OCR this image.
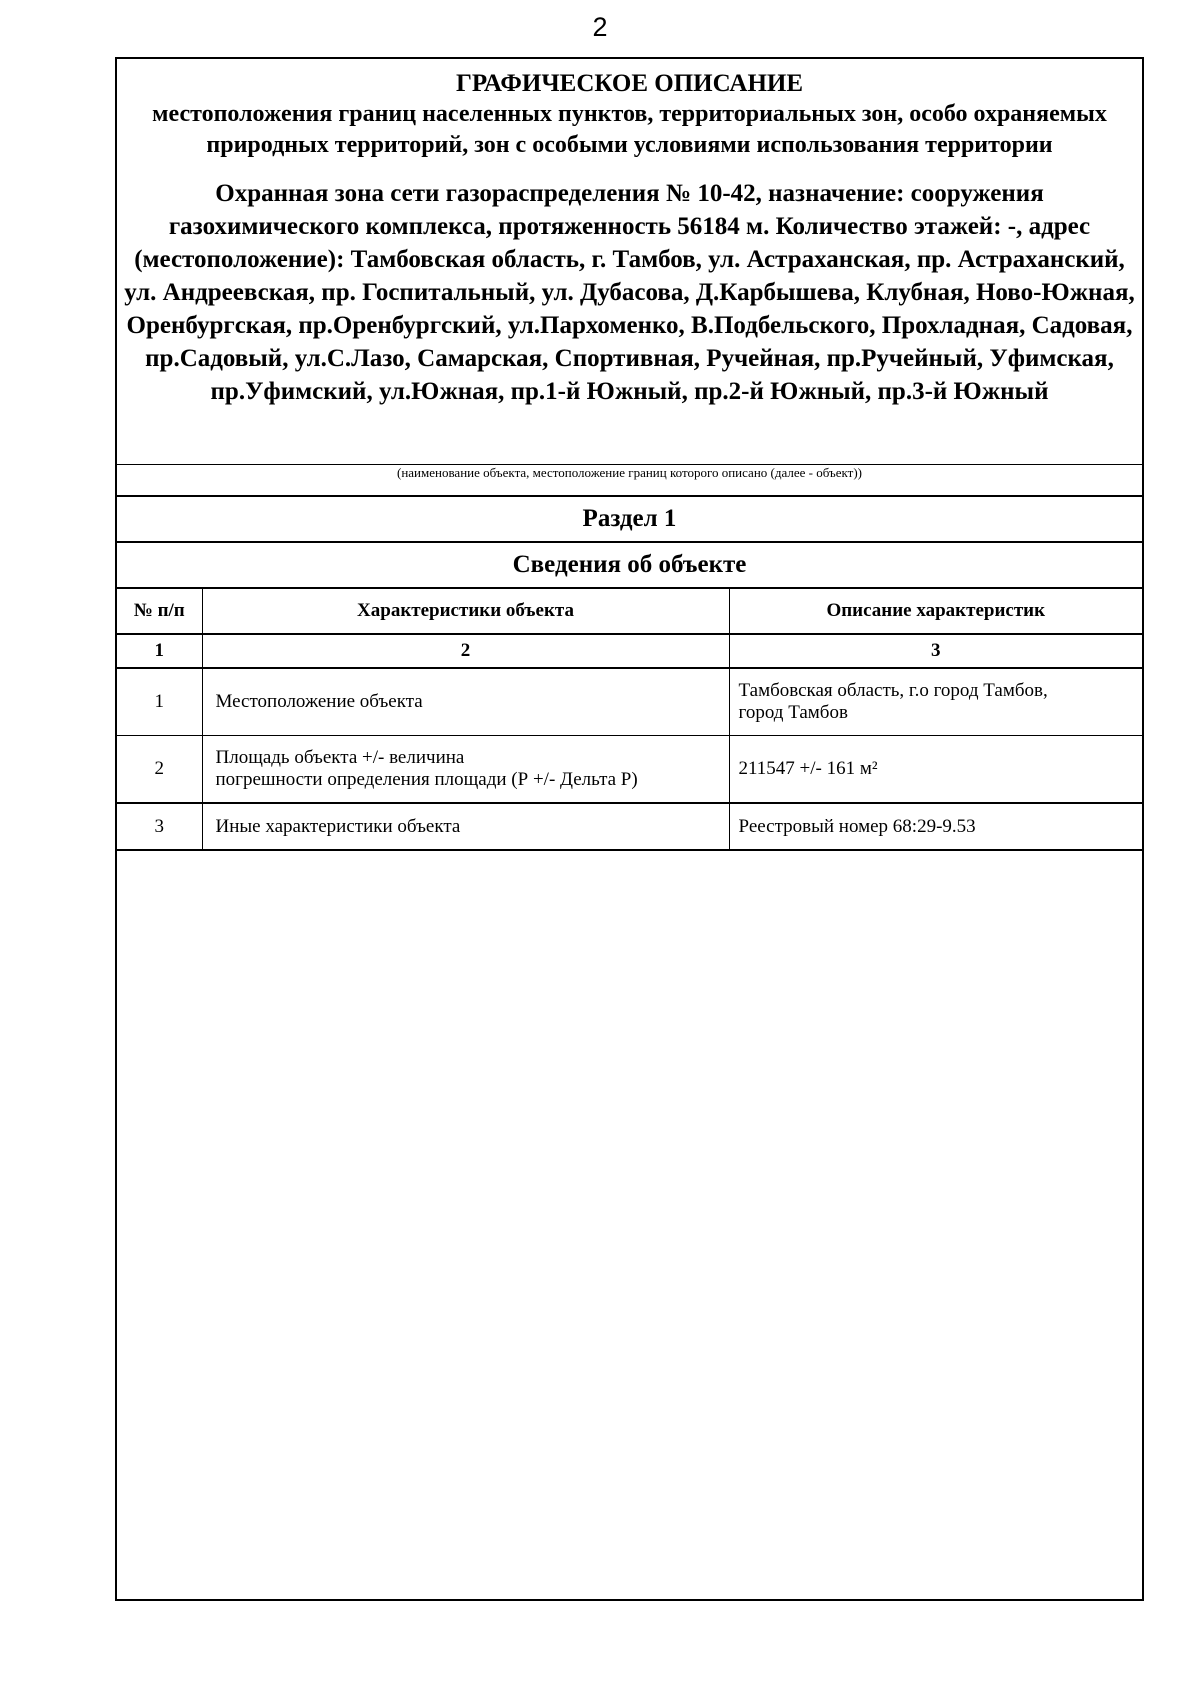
2
ГРАФИЧЕСКОЕ ОПИСАНИЕ
местоположения границ населенных пунктов, территориальных зон, особо охраняемых природных территорий, зон с особыми условиями использования территории
Охранная зона сети газораспределения № 10-42, назначение: сооружения газохимического комплекса, протяженность 56184 м. Количество этажей: -, адрес (местоположение): Тамбовская область, г. Тамбов, ул. Астраханская, пр. Астраханский, ул. Андреевская, пр. Госпитальный, ул. Дубасова, Д.Карбышева, Клубная, Ново-Южная, Оренбургская, пр.Оренбургский, ул.Пархоменко, В.Подбельского, Прохладная, Садовая, пр.Садовый, ул.С.Лазо, Самарская, Спортивная, Ручейная, пр.Ручейный, Уфимская, пр.Уфимский, ул.Южная, пр.1-й Южный, пр.2-й Южный, пр.3-й Южный
(наименование объекта, местоположение границ которого описано (далее - объект))
Раздел 1
Сведения об объекте
№ п/п	Характеристики объекта	Описание характеристик
1	2	3
1	Местоположение объекта	Тамбовская область, г.о город Тамбов,
город Тамбов

2	Площадь объекта +/- величина
погрешности определения площади (Р +/- Дельта Р)	211547 +/- 161 м²

3	Иные характеристики объекта	Реестровый номер 68:29-9.53
